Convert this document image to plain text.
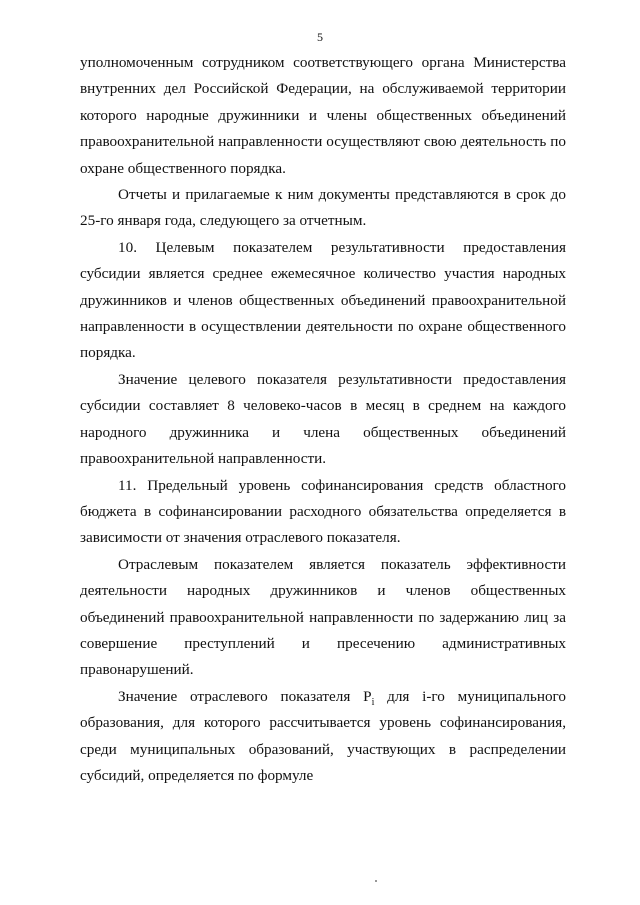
5

уполномоченным сотрудником соответствующего органа Министерства внутренних дел Российской Федерации, на обслуживаемой территории которого народные дружинники и члены общественных объединений правоохранительной направленности осуществляют свою деятельность по охране общественного порядка.

Отчеты и прилагаемые к ним документы представляются в срок до 25-го января года, следующего за отчетным.

10. Целевым показателем результативности предоставления субсидии является среднее ежемесячное количество участия народных дружинников и членов общественных объединений правоохранительной направленности в осуществлении деятельности по охране общественного порядка.

Значение целевого показателя результативности предоставления субсидии составляет 8 человеко-часов в месяц в среднем на каждого народного дружинника и члена общественных объединений правоохранительной направленности.

11. Предельный уровень софинансирования средств областного бюджета в софинансировании расходного обязательства определяется в зависимости от значения отраслевого показателя.

Отраслевым показателем является показатель эффективности деятельности народных дружинников и членов общественных объединений правоохранительной направленности по задержанию лиц за совершение преступлений и пресечению административных правонарушений.

Значение отраслевого показателя $P_i$ для i-го муниципального образования, для которого рассчитывается уровень софинансирования, среди муниципальных образований, участвующих в распределении субсидий, определяется по формуле
